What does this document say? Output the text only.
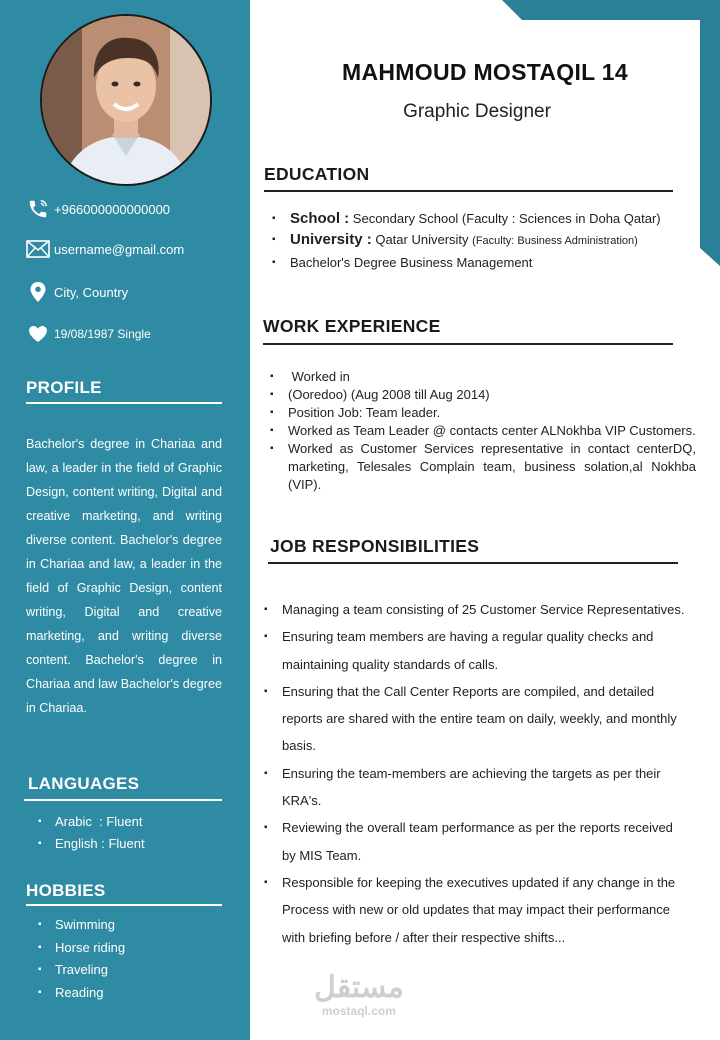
+966000000000000
username@gmail.com
City, Country
19/08/1987 Single
PROFILE
Bachelor's degree in Chariaa and law, a leader in the field of Graphic Design, content writing, Digital and creative marketing, and writing diverse content. Bachelor's degree in Chariaa and law, a leader in the field of Graphic Design, content writing, Digital and creative marketing, and writing diverse content. Bachelor's degree in Chariaa and law Bachelor's degree in Chariaa.
LANGUAGES
▪ Arabic  : Fluent
▪ English : Fluent
HOBBIES
▪ Swimming
▪ Horse riding
▪ Traveling
▪ Reading
MAHMOUD MOSTAQIL 14
Graphic Designer
EDUCATION
▪ School : Secondary School (Faculty : Sciences in Doha Qatar)
▪ University : Qatar University (Faculty: Business Administration)
▪ Bachelor's Degree Business Management
WORK EXPERIENCE
▪  Worked in
▪ (Ooredoo) (Aug 2008 till Aug 2014)
▪ Position Job: Team leader.
▪ Worked as Team Leader @ contacts center ALNokhba VIP Customers.
▪ Worked as Customer Services representative in contact centerDQ, marketing, Telesales Complain team, business solation,al Nokhba (VIP).
JOB RESPONSIBILITIES
▪ Managing a team consisting of 25 Customer Service Representatives.
▪ Ensuring team members are having a regular quality checks and maintaining quality standards of calls.
▪ Ensuring that the Call Center Reports are compiled, and detailed reports are shared with the entire team on daily, weekly, and monthly basis.
▪ Ensuring the team-members are achieving the targets as per their KRA's.
▪ Reviewing the overall team performance as per the reports received by MIS Team.
▪ Responsible for keeping the executives updated if any change in the Process with new or old updates that may impact their performance with briefing before / after their respective shifts...
مستقل
mostaql.com
